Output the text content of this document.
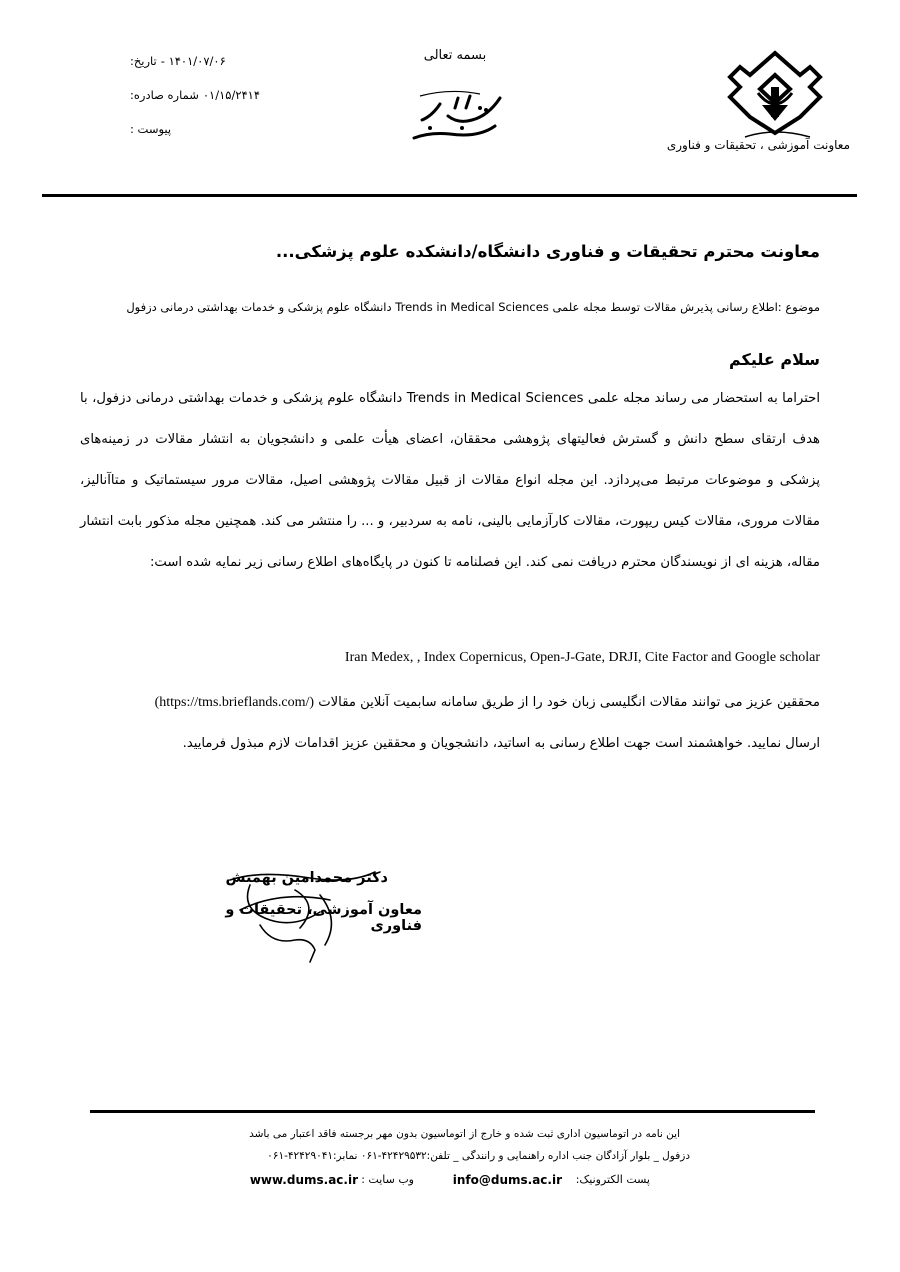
معاونت آموزشی ، تحقیقات و فناوری
بسمه تعالی
تاریخ: ۱۴۰۱/۰۷/۰۶ -
شماره صادره: ۰۱/۱۵/۲۴۱۴
پیوست :
معاونت محترم تحقیقات و فناوری دانشگاه/دانشکده علوم پزشکی...
موضوع :اطلاع رسانی پذیرش مقالات توسط مجله علمی Trends in Medical Sciences دانشگاه علوم پزشکی و خدمات بهداشتی درمانی دزفول
سلام علیکم

احتراما به استحضار می رساند مجله علمی Trends in Medical Sciences دانشگاه علوم پزشکی و خدمات بهداشتی درمانی دزفول، با هدف ارتقای سطح دانش و گسترش فعالیتهای پژوهشی محققان، اعضای هیأت علمی و دانشجویان به انتشار مقالات در زمینه‌های پزشکی و موضوعات مرتبط می‌پردازد. این مجله انواع مقالات از قبیل مقالات پژوهشی اصیل، مقالات مرور سیستماتیک و متاآنالیز، مقالات مروری، مقالات کیس ریپورت، مقالات کارآزمایی بالینی، نامه به سردبیر، و ... را منتشر می کند. همچنین مجله مذکور بابت انتشار مقاله، هزینه ای از نویسندگان محترم دریافت نمی کند. این فصلنامه تا کنون در پایگاه‌های اطلاع رسانی زیر نمایه شده است:

Iran Medex, , Index Copernicus, Open-J-Gate, DRJI, Cite Factor and Google scholar

محققین عزیز می توانند مقالات انگلیسی زبان خود را از طریق سامانه سابمیت آنلاین مقالات (https://tms.brieflands.com/)

ارسال نمایید. خواهشمند است جهت اطلاع رسانی به اساتید، دانشجویان و محققین عزیز اقدامات لازم مبذول فرمایید.

دکتر محمدامین بهمنش
معاون آموزشی، تحقیقات و فناوری
این نامه در اتوماسیون اداری ثبت شده و خارج از اتوماسیون بدون مهر برجسته فاقد اعتبار می باشد
دزفول _ بلوار آزادگان جنب اداره راهنمایی و رانندگی _ تلفن:۴۲۴۲۹۵۳۲-۰۶۱ نمابر:۴۲۴۲۹۰۴۱-۰۶۱
پست الکترونیک:
info@dums.ac.ir
وب سایت :
www.dums.ac.ir
